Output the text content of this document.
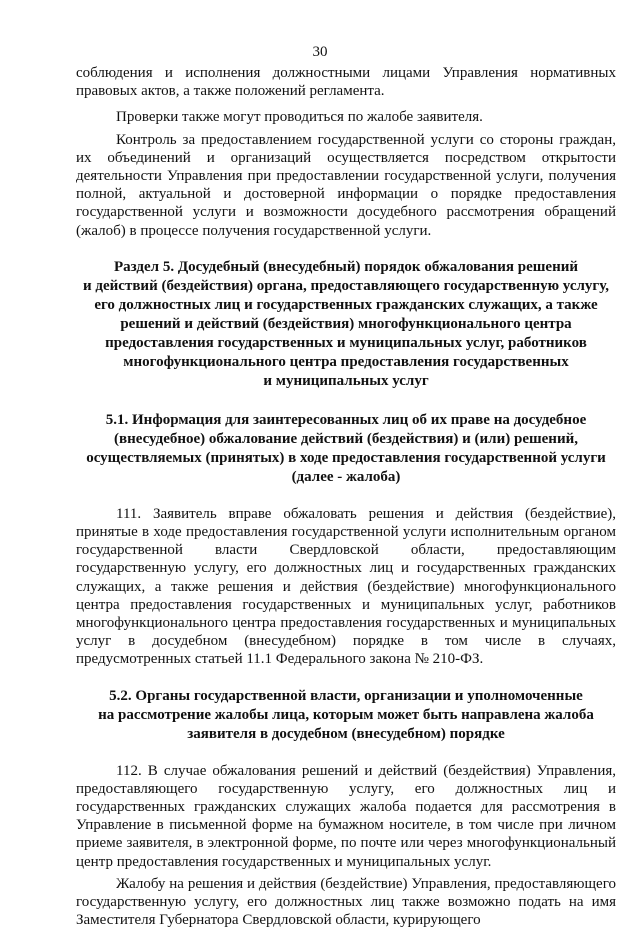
30

соблюдения и исполнения должностными лицами Управления нормативных правовых актов, а также положений регламента.

Проверки также могут проводиться по жалобе заявителя.

Контроль за предоставлением государственной услуги со стороны граждан, их объединений и организаций осуществляется посредством открытости деятельности Управления при предоставлении государственной услуги, получения полной, актуальной и достоверной информации о порядке предоставления государственной услуги и возможности досудебного рассмотрения обращений (жалоб) в процессе получения государственной услуги.

Раздел 5. Досудебный (внесудебный) порядок обжалования решений
и действий (бездействия) органа, предоставляющего государственную услугу,
его должностных лиц и государственных гражданских служащих, а также
решений и действий (бездействия) многофункционального центра
предоставления государственных и муниципальных услуг, работников
многофункционального центра предоставления государственных
и муниципальных услуг
5.1. Информация для заинтересованных лиц об их праве на досудебное
(внесудебное) обжалование действий (бездействия) и (или) решений,
осуществляемых (принятых) в ходе предоставления государственной услуги
(далее - жалоба)

111. Заявитель вправе обжаловать решения и действия (бездействие), принятые в ходе предоставления государственной услуги исполнительным органом государственной власти Свердловской области, предоставляющим государственную услугу, его должностных лиц и государственных гражданских служащих, а также решения и действия (бездействие) многофункционального центра предоставления государственных и муниципальных услуг, работников многофункционального центра предоставления государственных и муниципальных услуг в досудебном (внесудебном) порядке в том числе в случаях, предусмотренных статьей 11.1 Федерального закона № 210-ФЗ.

5.2. Органы государственной власти, организации и уполномоченные
на рассмотрение жалобы лица, которым может быть направлена жалоба
заявителя в досудебном (внесудебном) порядке

112. В случае обжалования решений и действий (бездействия) Управления, предоставляющего государственную услугу, его должностных лиц и государственных гражданских служащих жалоба подается для рассмотрения в Управление в письменной форме на бумажном носителе, в том числе при личном приеме заявителя, в электронной форме, по почте или через многофункциональный центр предоставления государственных и муниципальных услуг.

Жалобу на решения и действия (бездействие) Управления, предоставляющего государственную услугу, его должностных лиц также возможно подать на имя Заместителя Губернатора Свердловской области, курирующего
